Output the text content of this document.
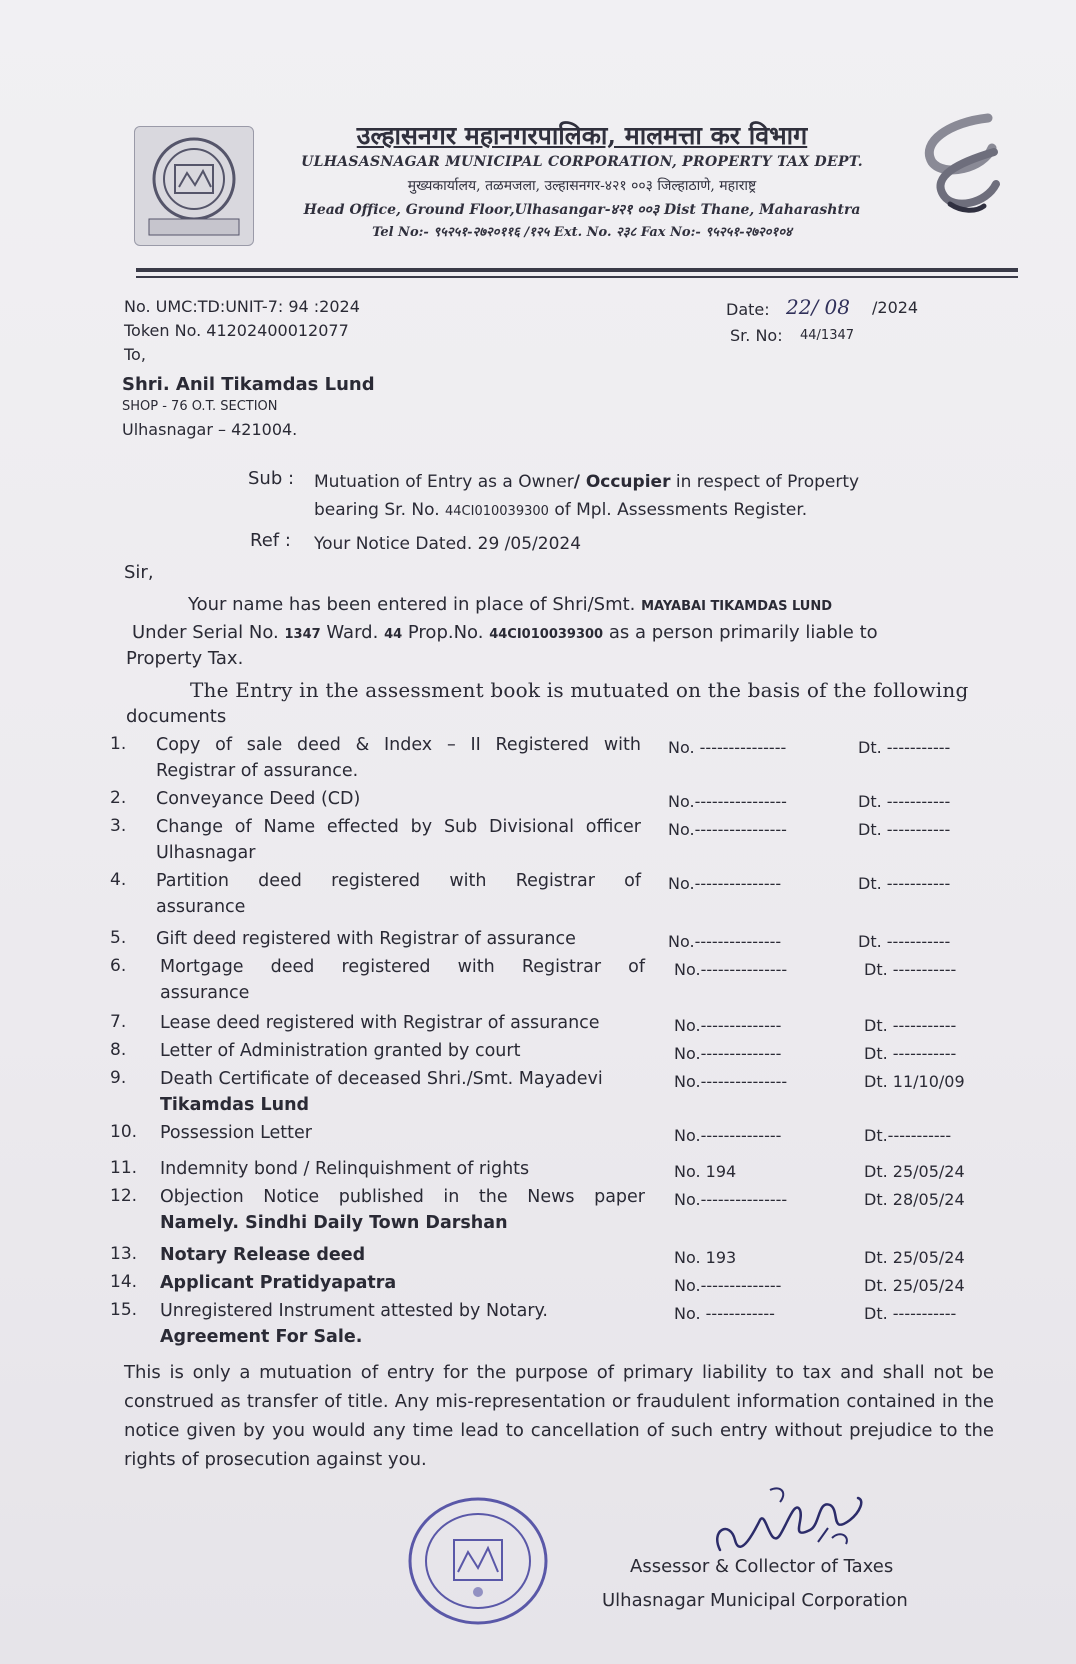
उल्हासनगर महानगरपालिका, मालमत्ता कर विभाग
ULHASASNAGAR MUNICIPAL CORPORATION, PROPERTY TAX DEPT.
मुख्यकार्यालय, तळमजला, उल्हासनगर-४२१ ००३ जिल्हाठाणे, महाराष्ट्र
Head Office, Ground Floor,Ulhasangar-४२१ ००३ Dist Thane, Maharashtra
Tel No:- ९५२५१-२७२०११६ /१२५ Ext. No. २३८ Fax No:- ९५२५१-२७२०१०४
No. UMC:TD:UNIT-7: 94 :2024
Token No. 41202400012077
To,
Date: 22/ 08 /2024
Sr. No: 44/1347
Shri. Anil Tikamdas Lund
SHOP - 76 O.T. SECTION
Ulhasnagar – 421004.
Sub : Mutuation of Entry as a Owner/ Occupier in respect of Property
bearing Sr. No. 44CI010039300 of Mpl. Assessments Register.
Ref : Your Notice Dated. 29 /05/2024
Sir,
Your name has been entered in place of Shri/Smt. MAYABAI TIKAMDAS LUND
Under Serial No. 1347 Ward. 44 Prop.No. 44CI010039300 as a person primarily liable to
Property Tax.
The Entry in the assessment book is mutuated on the basis of the following
documents
1. Copy of sale deed & Index – II Registered with
Registrar of assurance.
No. ---------------	Dt. -----------
2. Conveyance Deed (CD)	No.----------------	Dt. -----------
3. Change of Name effected by Sub Divisional officer
Ulhasnagar
No.----------------	Dt. -----------
4. Partition deed registered with Registrar of
assurance
No.---------------	Dt. -----------
5. Gift deed registered with Registrar of assurance	No.---------------	Dt. -----------
6. Mortgage deed registered with Registrar of
assurance
No.---------------	Dt. -----------
7. Lease deed registered with Registrar of assurance	No.--------------	Dt. -----------
8. Letter of Administration granted by court	No.--------------	Dt. -----------
9. Death Certificate of deceased Shri./Smt. Mayadevi
Tikamdas Lund
No.---------------	Dt. 11/10/09
10. Possession Letter	No.--------------	Dt.-----------
11. Indemnity bond / Relinquishment of rights	No. 194	Dt. 25/05/24
12. Objection Notice published in the News paper
Namely. Sindhi Daily Town Darshan
No.---------------	Dt. 28/05/24
13. Notary Release deed	No. 193	Dt. 25/05/24
14. Applicant Pratidyapatra	No.--------------	Dt. 25/05/24
15. Unregistered Instrument attested by Notary.
Agreement For Sale.
No. ------------	Dt. -----------
This is only a mutuation of entry for the purpose of primary liability to tax and shall not be construed as transfer of title. Any mis-representation or fraudulent information contained in the notice given by you would any time lead to cancellation of such entry without prejudice to the rights of prosecution against you.
Assessor & Collector of Taxes
Ulhasnagar Municipal Corporation
